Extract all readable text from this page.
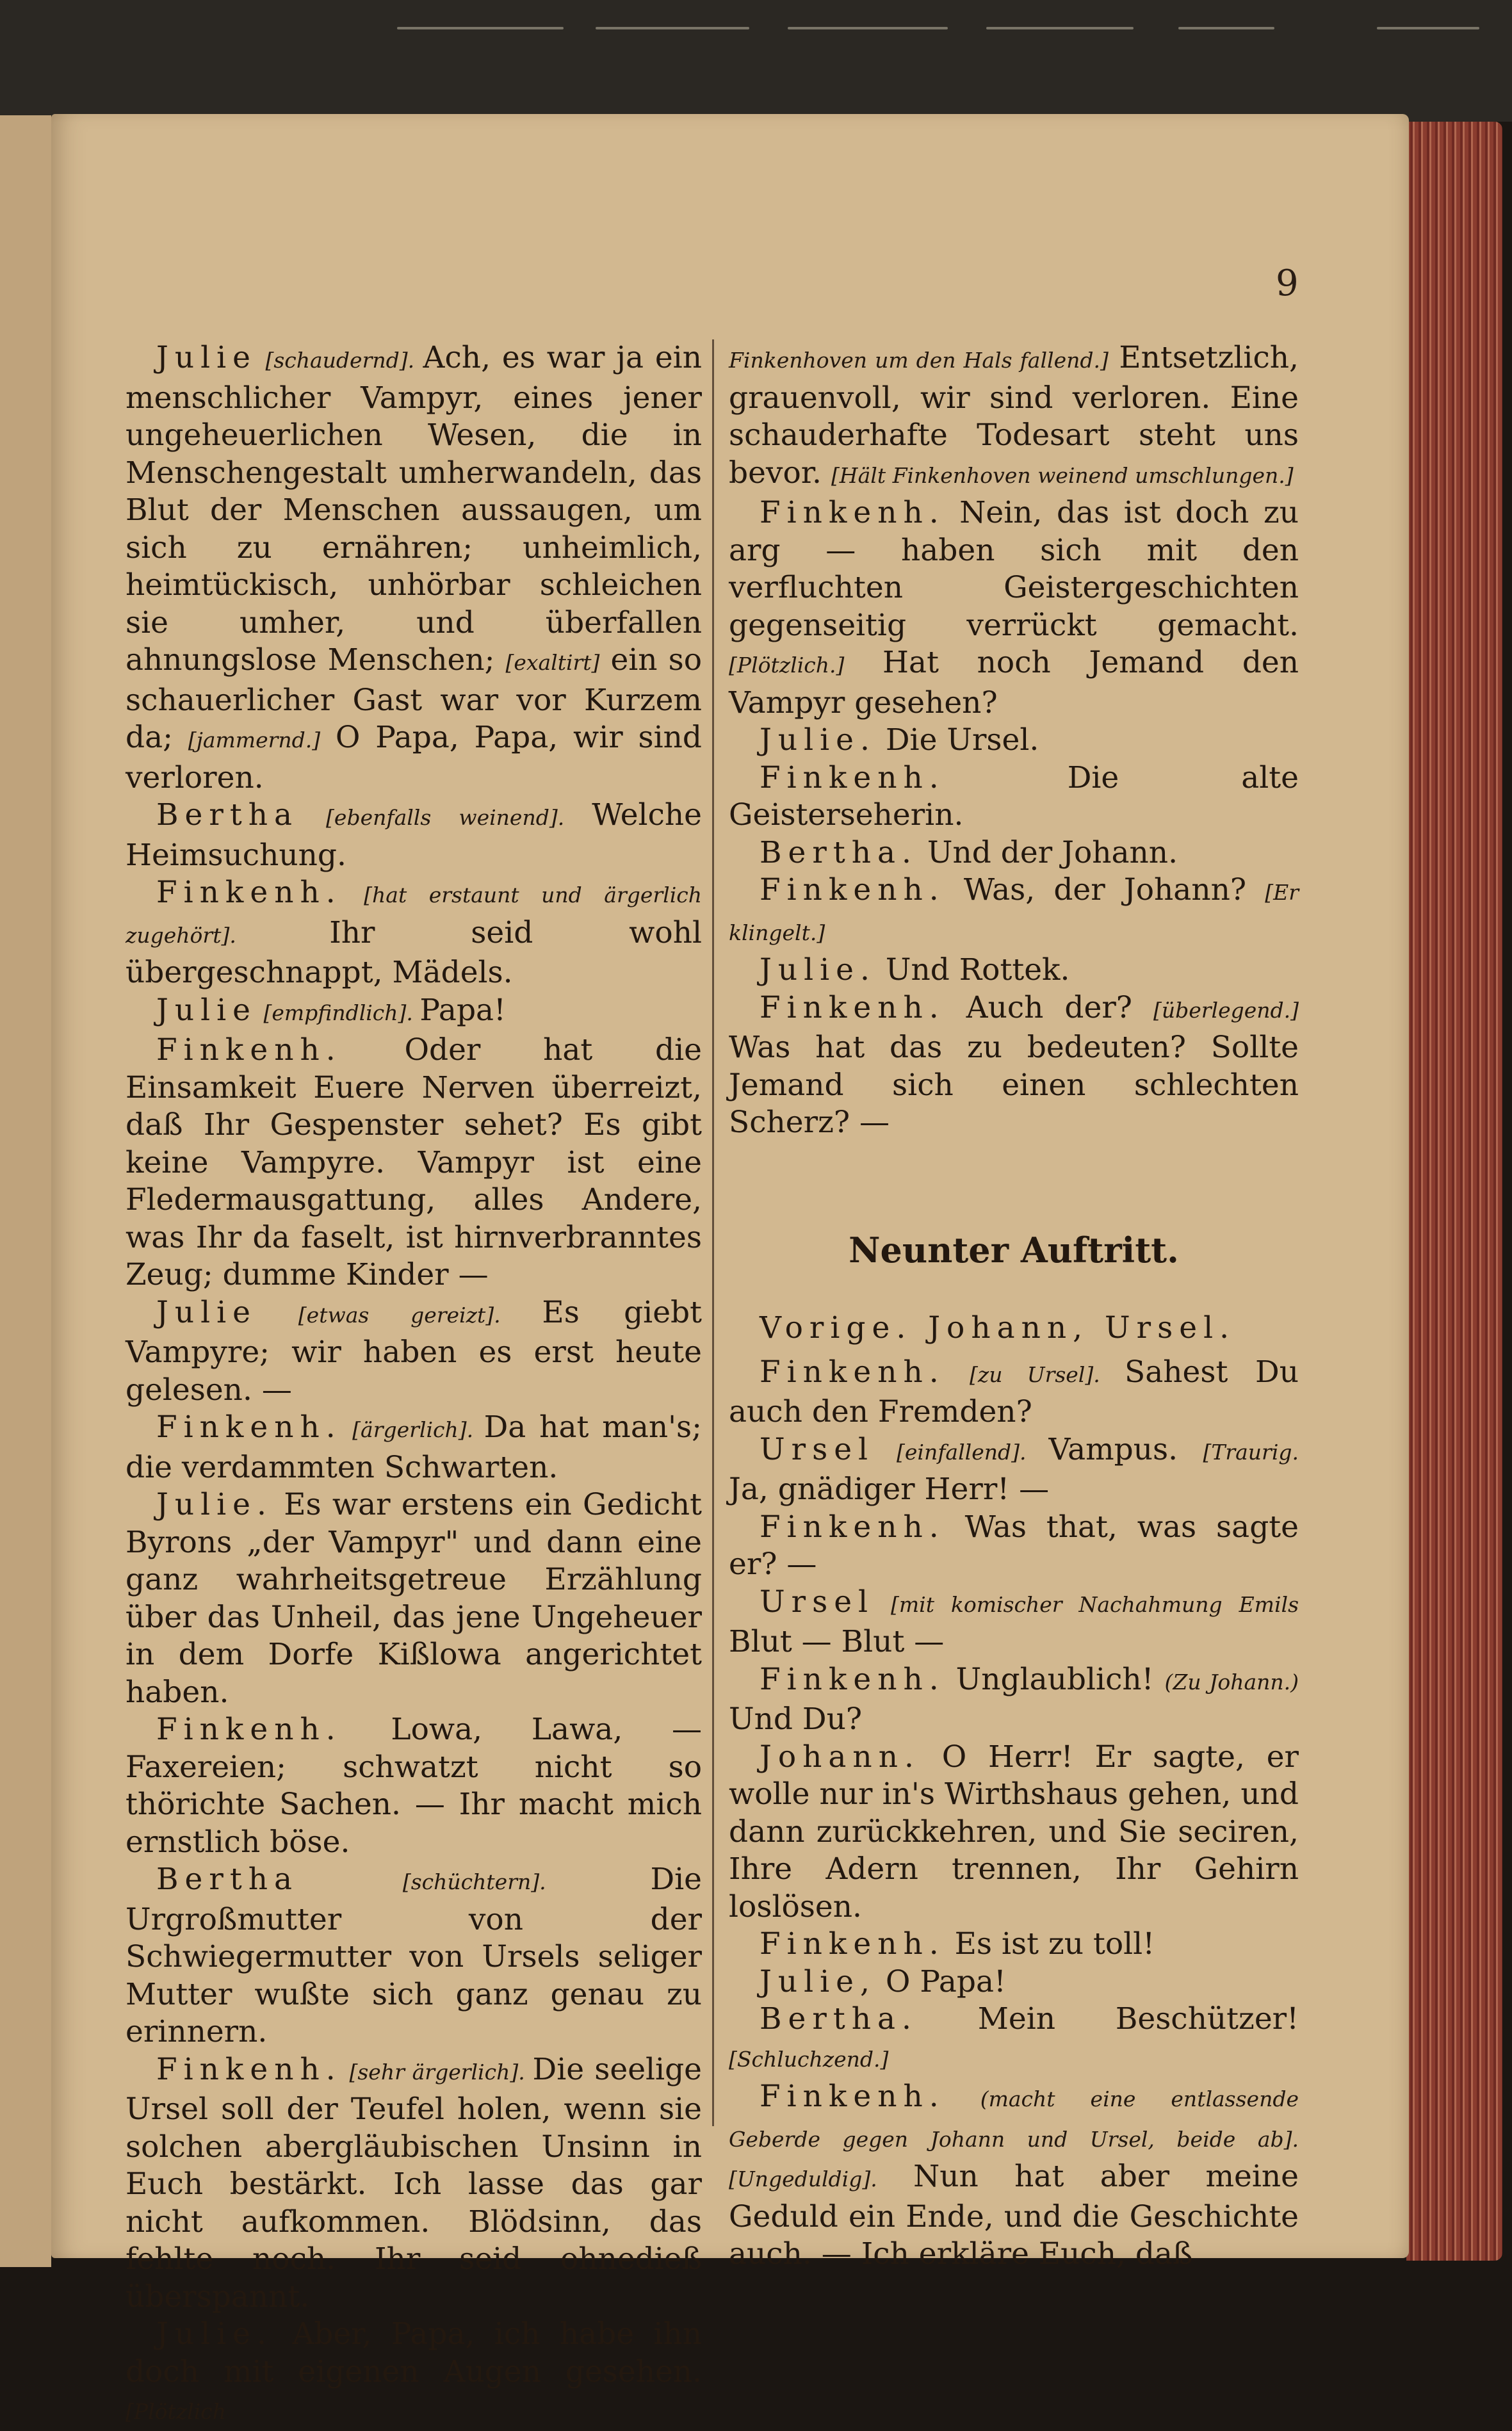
9

Julie [schaudernd]. Ach, es war ja ein menschlicher Vampyr, eines jener ungeheuerlichen Wesen, die in Menschengestalt umherwandeln, das Blut der Menschen aussaugen, um sich zu ernähren; unheimlich, heimtückisch, unhörbar schleichen sie umher, und überfallen ahnungslose Menschen; [exaltirt] ein so schauerlicher Gast war vor Kurzem da; [jammernd.] O Papa, Papa, wir sind verloren.

Bertha [ebenfalls weinend]. Welche Heimsuchung.

Finkenh. [hat erstaunt und ärgerlich zugehört]. Ihr seid wohl übergeschnappt, Mädels.

Julie [empfindlich]. Papa!

Finkenh. Oder hat die Einsamkeit Euere Nerven überreizt, daß Ihr Gespenster sehet? Es gibt keine Vampyre. Vampyr ist eine Fledermausgattung, alles Andere, was Ihr da faselt, ist hirnverbranntes Zeug; dumme Kinder —

Julie [etwas gereizt]. Es giebt Vampyre; wir haben es erst heute gelesen. —

Finkenh. [ärgerlich]. Da hat man's; die verdammten Schwarten.

Julie. Es war erstens ein Gedicht Byrons „der Vampyr" und dann eine ganz wahrheitsgetreue Erzählung über das Unheil, das jene Ungeheuer in dem Dorfe Kißlowa angerichtet haben.

Finkenh. Lowa, Lawa, — Faxereien; schwatzt nicht so thörichte Sachen. — Ihr macht mich ernstlich böse.

Bertha [schüchtern]. Die Urgroßmutter von der Schwiegermutter von Ursels seliger Mutter wußte sich ganz genau zu erinnern.

Finkenh. [sehr ärgerlich]. Die seelige Ursel soll der Teufel holen, wenn sie solchen abergläubischen Unsinn in Euch bestärkt. Ich lasse das gar nicht aufkommen. Blödsinn, das fehlte noch. Ihr seid ohnedieß überspannt.

Julie. Aber, Papa, ich habe ihn doch mit eigenen Augen gesehen. [Plötzlich

Finkenhoven um den Hals fallend.] Entsetzlich, grauenvoll, wir sind verloren. Eine schauderhafte Todesart steht uns bevor. [Hält Finkenhoven weinend umschlungen.]

Finkenh. Nein, das ist doch zu arg — haben sich mit den verfluchten Geistergeschichten gegenseitig verrückt gemacht. [Plötzlich.] Hat noch Jemand den Vampyr gesehen?

Julie. Die Ursel.

Finkenh. Die alte Geisterseherin.

Bertha. Und der Johann.

Finkenh. Was, der Johann? [Er klingelt.]

Julie. Und Rottek.

Finkenh. Auch der? [überlegend.] Was hat das zu bedeuten? Sollte Jemand sich einen schlechten Scherz? —

Neunter Auftritt.

Vorige. Johann, Ursel.

Finkenh. [zu Ursel]. Sahest Du auch den Fremden?

Ursel [einfallend]. Vampus. [Traurig. Ja, gnädiger Herr! —

Finkenh. Was that, was sagte er? —

Ursel [mit komischer Nachahmung Emils Blut — Blut —

Finkenh. Unglaublich! (Zu Johann.) Und Du?

Johann. O Herr! Er sagte, er wolle nur in's Wirthshaus gehen, und dann zurückkehren, und Sie seciren, Ihre Adern trennen, Ihr Gehirn loslösen.

Finkenh. Es ist zu toll!

Julie, O Papa!

Bertha. Mein Beschützer! [Schluchzend.]

Finkenh. (macht eine entlassende Geberde gegen Johann und Ursel, beide ab]. [Ungeduldig]. Nun hat aber meine Geduld ein Ende, und die Geschichte auch. — Ich erkläre Euch, daß
